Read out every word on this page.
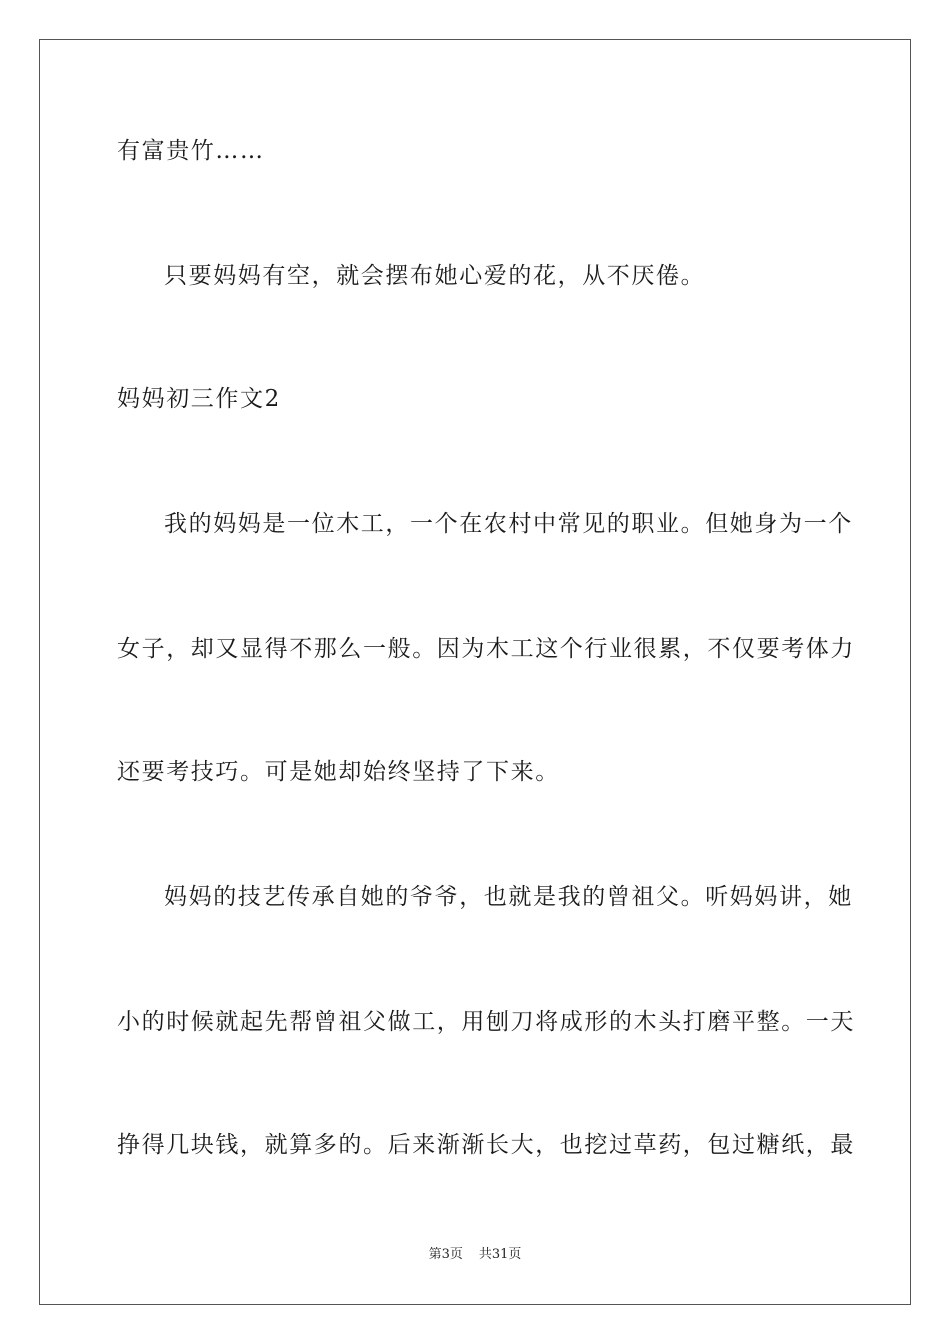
有富贵竹……
只要妈妈有空，就会摆布她心爱的花，从不厌倦。
妈妈初三作文2
我的妈妈是一位木工，一个在农村中常见的职业。但她身为一个
女子，却又显得不那么一般。因为木工这个行业很累，不仅要考体力
还要考技巧。可是她却始终坚持了下来。
妈妈的技艺传承自她的爷爷，也就是我的曾祖父。听妈妈讲，她
小的时候就起先帮曾祖父做工，用刨刀将成形的木头打磨平整。一天
挣得几块钱，就算多的。后来渐渐长大，也挖过草药，包过糖纸，最
第3页 共31页
